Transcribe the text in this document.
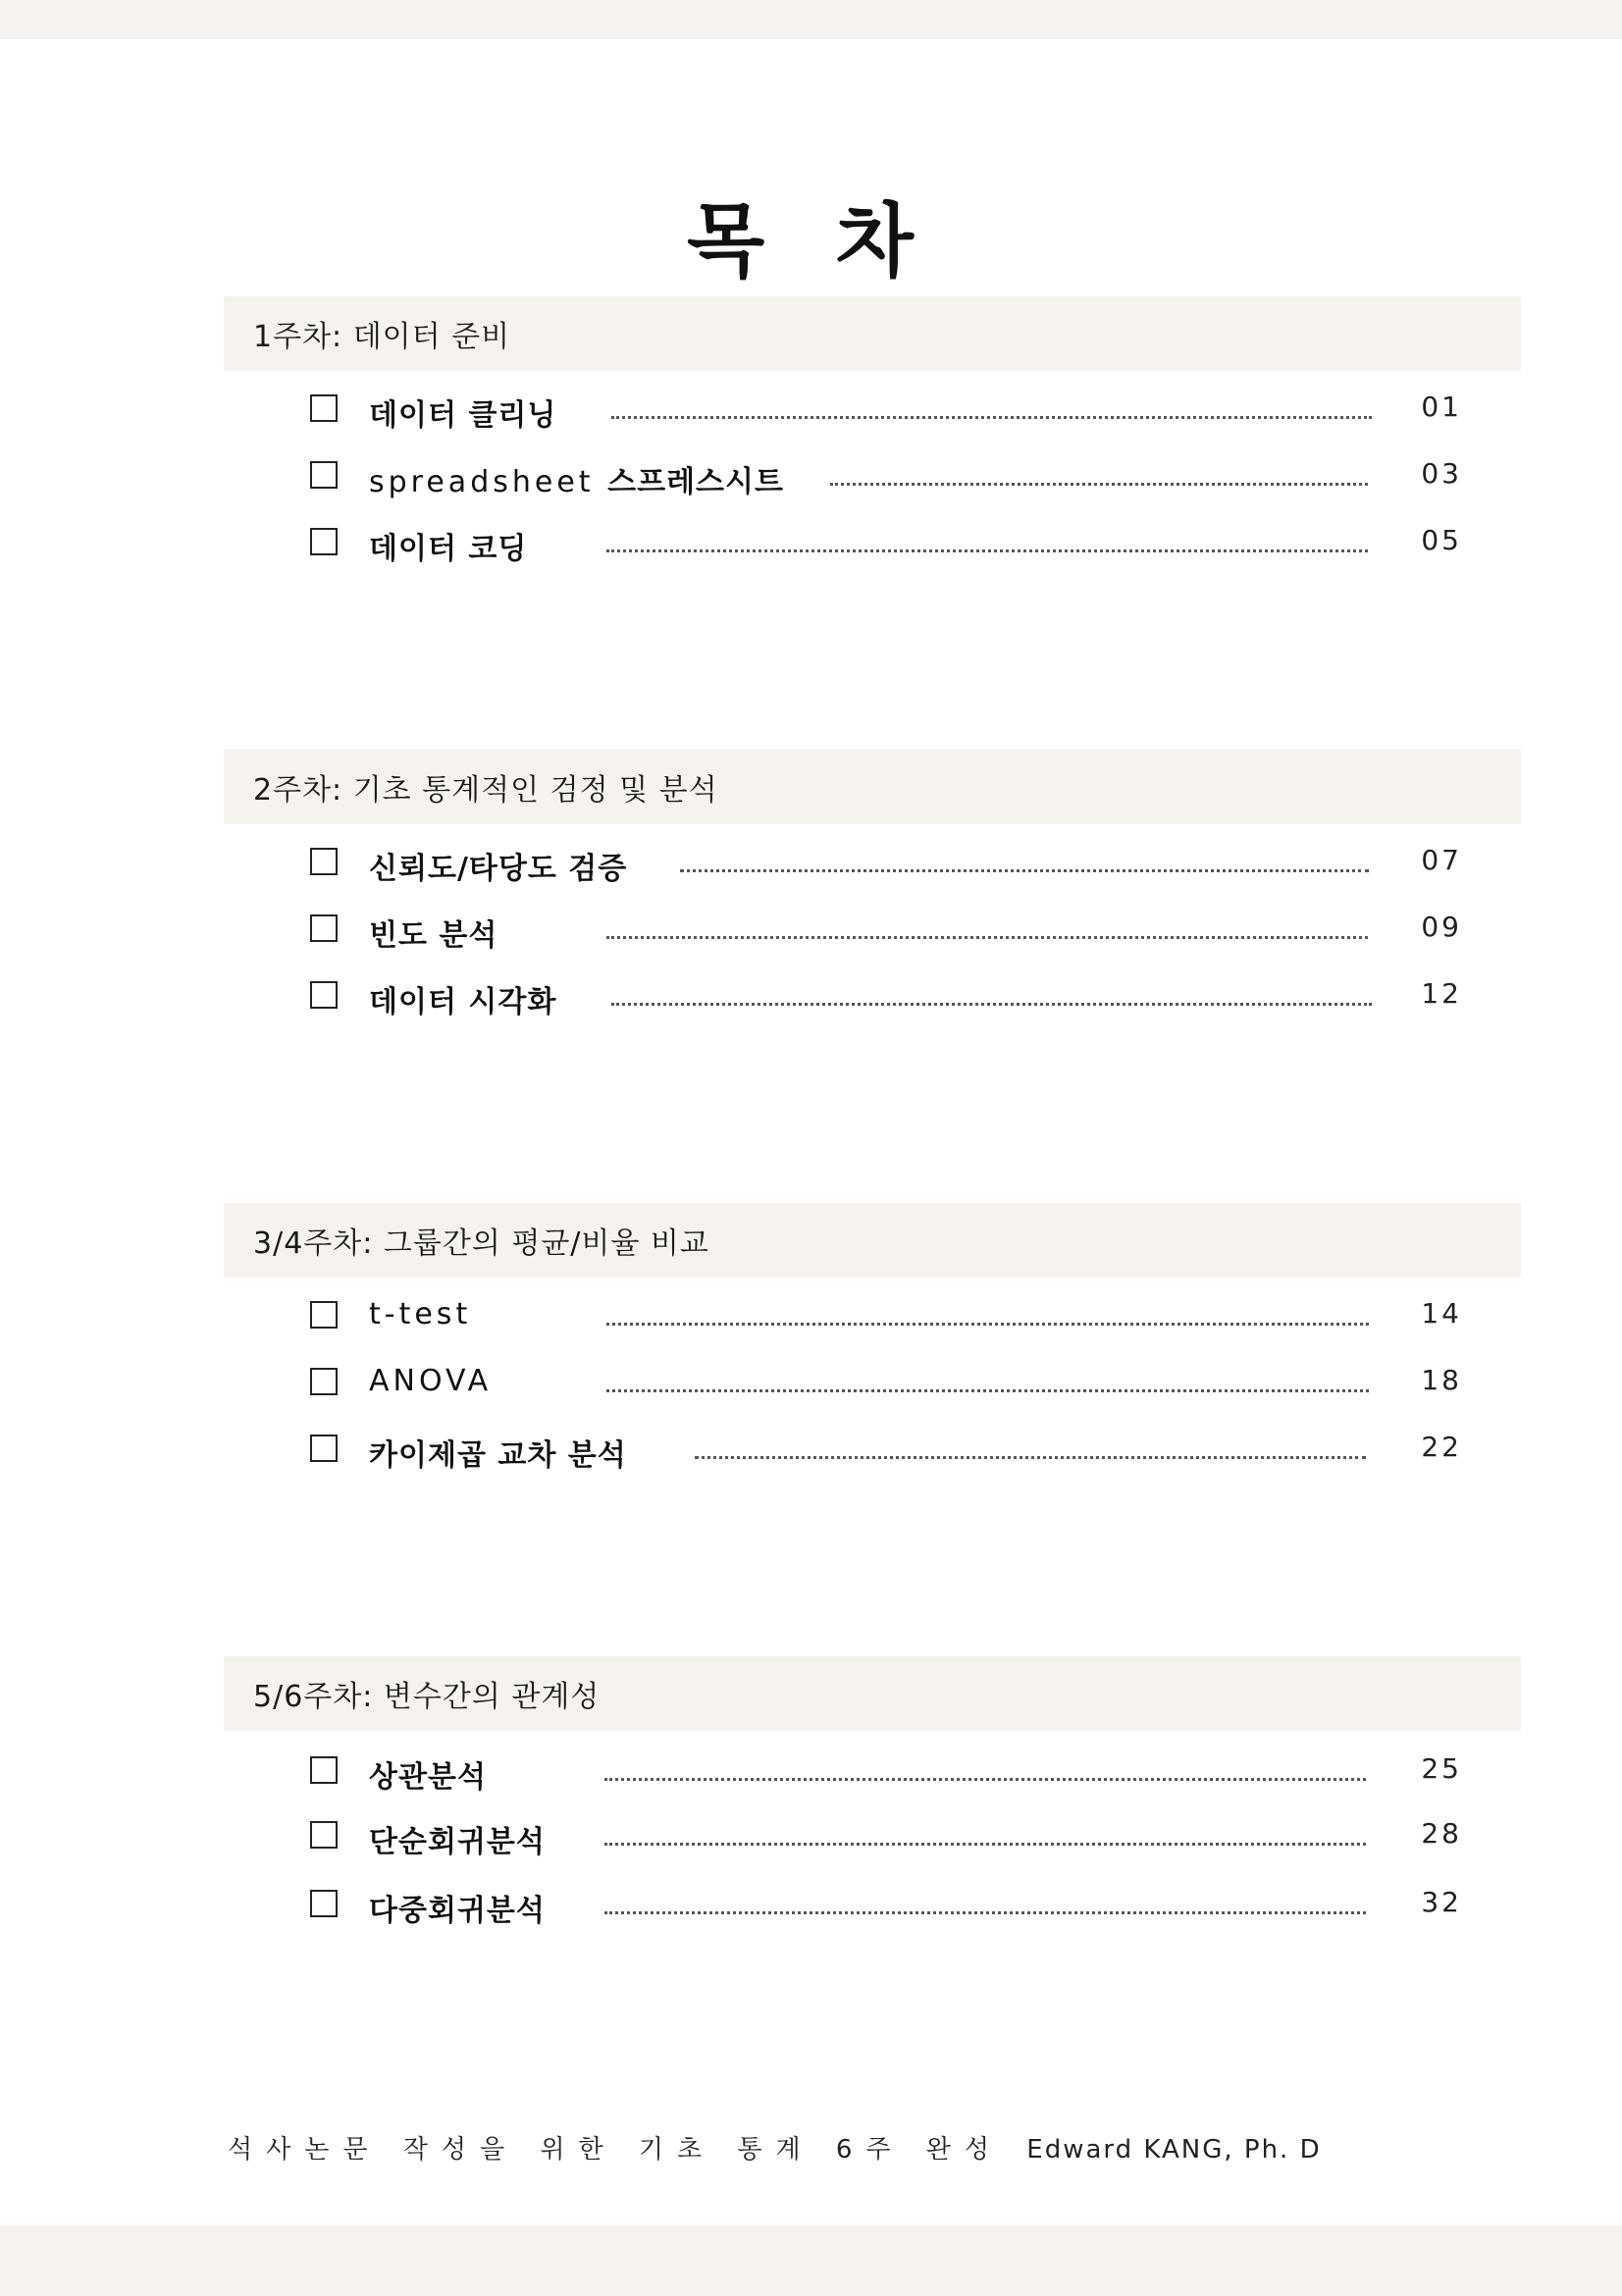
목 차
1주차: 데이터 준비
데이터 클리닝	01
spreadsheet 스프레스시트	03
데이터 코딩	05
2주차: 기초 통계적인 검정 및 분석
신뢰도/타당도 검증	07
빈도 분석	09
데이터 시각화	12
3/4주차: 그룹간의 평균/비율 비교
t-test	14
ANOVA	18
카이제곱 교차 분석	22
5/6주차: 변수간의 관계성
상관분석	25
단순회귀분석	28
다중회귀분석	32
석사논문 작성을 위한 기초 통계 6주 완성 Edward KANG, Ph. D
